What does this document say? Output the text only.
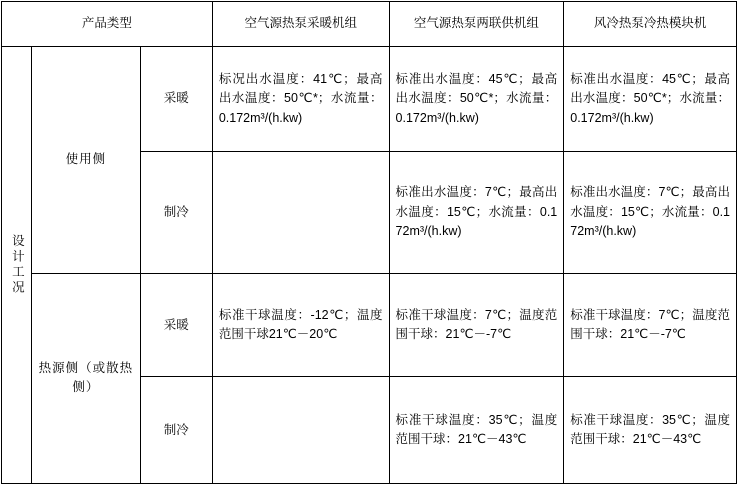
产品类型			空气源热泵采暖机组	空气源热泵两联供机组	风冷热泵冷热模块机

设计工况	使用侧	采暖	标况出水温度：41℃；最高出水温度：50℃*；水流量：0.172m³/(h.kw)	标准出水温度：45℃；最高出水温度：50℃*；水流量：0.172m³/(h.kw)	标准出水温度：45℃；最高出水温度：50℃*；水流量：0.172m³/(h.kw)
		制冷		标准出水温度：7℃；最高出水温度：15℃；水流量：0.172m³/(h.kw)	标准出水温度：7℃；最高出水温度：15℃；水流量：0.172m³/(h.kw)
	热源侧（或散热侧）	采暖	标准干球温度：-12℃；温度范围干球21℃－20℃	标准干球温度：7℃；温度范围干球：21℃－-7℃	标准干球温度：7℃；温度范围干球：21℃－-7℃
		制冷		标准干球温度：35℃；温度范围干球：21℃－43℃	标准干球温度：35℃；温度范围干球：21℃－43℃
